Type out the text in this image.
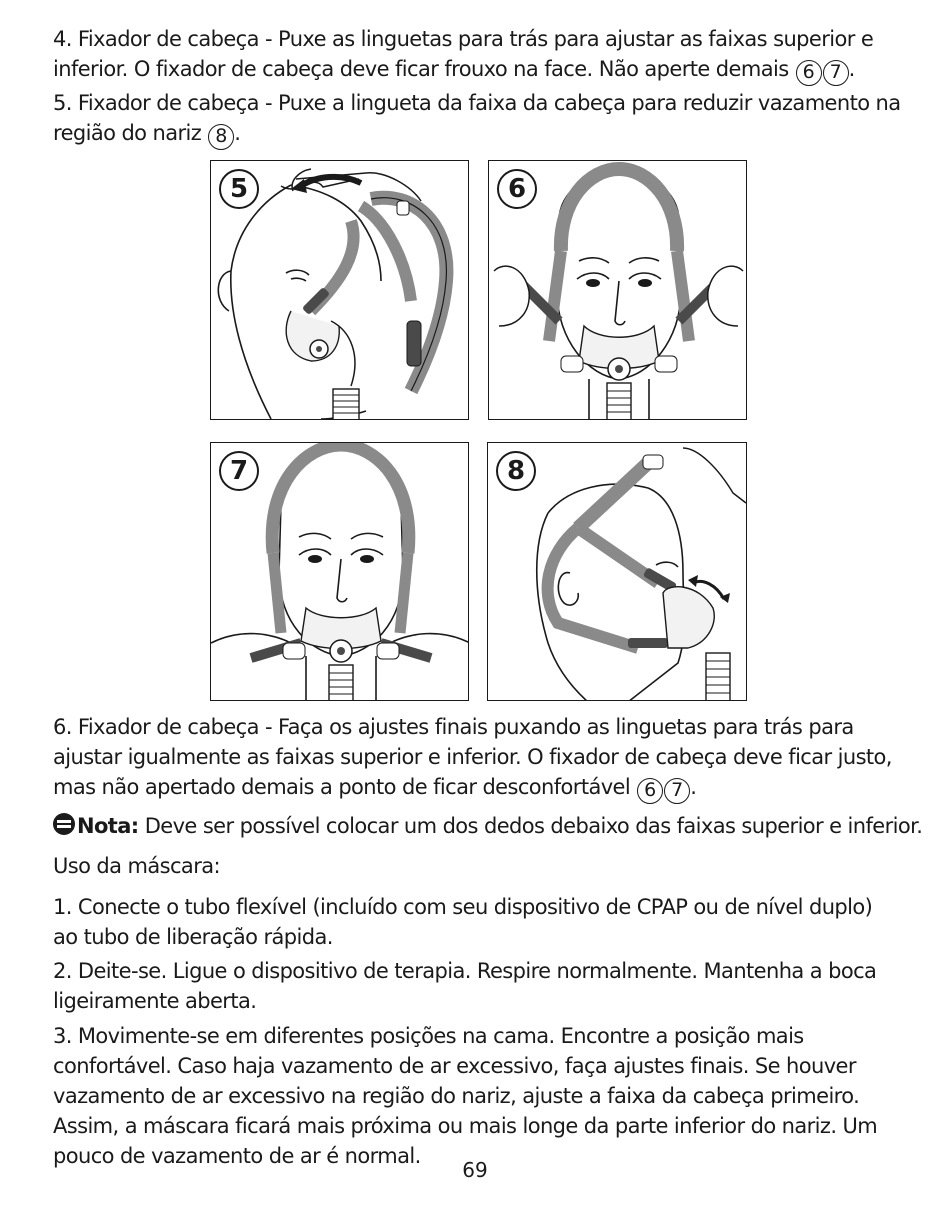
4. Fixador de cabeça - Puxe as linguetas para trás para ajustar as faixas superior e
inferior. O fixador de cabeça deve ficar frouxo na face. Não aperte demais 6 7 .
5. Fixador de cabeça - Puxe a lingueta da faixa da cabeça para reduzir vazamento na
região do nariz 8 .
5	6
7	8
6. Fixador de cabeça - Faça os ajustes finais puxando as linguetas para trás para
ajustar igualmente as faixas superior e inferior. O fixador de cabeça deve ficar justo,
mas não apertado demais a ponto de ficar desconfortável 6 7 .
Nota: Deve ser possível colocar um dos dedos debaixo das faixas superior e inferior.
Uso da máscara:
1. Conecte o tubo flexível (incluído com seu dispositivo de CPAP ou de nível duplo)
ao tubo de liberação rápida.
2. Deite-se. Ligue o dispositivo de terapia. Respire normalmente. Mantenha a boca
ligeiramente aberta.
3. Movimente-se em diferentes posições na cama. Encontre a posição mais
confortável. Caso haja vazamento de ar excessivo, faça ajustes finais. Se houver
vazamento de ar excessivo na região do nariz, ajuste a faixa da cabeça primeiro.
Assim, a máscara ficará mais próxima ou mais longe da parte inferior do nariz. Um
pouco de vazamento de ar é normal.
69
